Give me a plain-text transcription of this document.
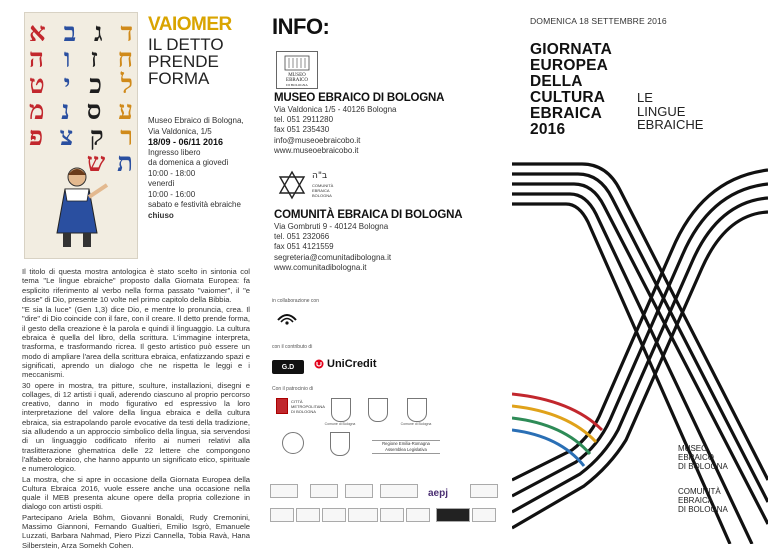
א ב ג ד
ה ו ז ח
ט י כ ל
מ נ ס ע
פ צ ק ר
ש ת
VAIOMER
IL DETTO
PRENDE
FORMA
Museo Ebraico di Bologna,
Via Valdonica, 1/5
18/09 - 06/11 2016
Ingresso libero
da domenica a giovedì
10:00 - 18:00
venerdì
10:00 - 16:00
sabato e festività ebraiche
chiuso

Il titolo di questa mostra antologica è stato scelto in sintonia col tema "Le lingue ebraiche" proposto dalla Giornata Europea: fa esplicito riferimento al verbo nella forma passato "vaiomer", il "e disse" di Dio, presente 10 volte nel primo capitolo della Bibbia.

"E sia la luce" (Gen 1,3) dice Dio, e mentre lo pronuncia, crea. Il "dire" di Dio coincide con il fare, con il creare. Il detto prende forma, il gesto della creazione è la parola e quindi il linguaggio. La cultura ebraica è quella del libro, della scrittura. L'immagine interpreta, trasforma, e trasformando ricrea. Il gesto artistico può essere un modo di ampliare l'area della scrittura ebraica, enfatizzando spazi e significati, aprendo un dialogo che ne rispetta le leggi e i meccanismi.

30 opere in mostra, tra pitture, sculture, installazioni, disegni e collages, di 12 artisti i quali, aderendo ciascuno al proprio percorso creativo, danno in modo figurativo ed espressivo la loro interpretazione del valore della lingua ebraica e della cultura ebraica, sia estrapolando parole evocative da testi della tradizione, sia alludendo a un approccio simbolico della lingua, sia servendosi di un linguaggio codificato riferito ai numeri relativi alla traslitterazione ghematrica delle 22 lettere che compongono l'alfabeto ebraico, che hanno appunto un significato etico, spirituale e numerologico.

La mostra, che si apre in occasione della Giornata Europea della Cultura Ebraica 2016, vuole essere anche una occasione nella quale il MEB presenta alcune opere della propria collezione in dialogo con artisti ospiti.

Partecipano Ariela Böhm, Giovanni Bonaldi, Rudy Cremonini, Massimo Giannoni, Fernando Gualtieri, Emilio Isgrò, Emanuele Luzzati, Barbara Nahmad, Piero Pizzi Cannella, Tobia Ravà, Hana Silberstein, Arza Somekh Cohen.

INFO:
MUSEO
EBRAICO
DI BOLOGNA
MUSEO EBRAICO DI BOLOGNA
Via Valdonica 1/5 - 40126 Bologna
tel. 051 2911280
fax 051 235430
info@museoebraicobo.it
www.museoebraicobo.it
ב"ה
COMUNITÀ
EBRAICA
BOLOGNA
COMUNITÀ EBRAICA DI BOLOGNA
Via Gombruti 9 - 40124 Bologna
tel. 051 232066
fax 051 4121559
segreteria@comunitadibologna.it
www.comunitadibologna.it
in collaborazione con
con il contributo di
G.D	UniCredit
Con il patrocinio di
CITTÀ METROPOLITANA DI BOLOGNA
Comune di Bologna	Comune di Bologna
Regione Emilia-Romagna
Assemblea Legislativa
aepj
DOMENICA 18 SETTEMBRE 2016
GIORNATA
EUROPEA
DELLA
CULTURA
EBRAICA
2016
LE
LINGUE
EBRAICHE
MUSEO
EBRAICO
DI BOLOGNA
COMUNITÀ
EBRAICA
DI BOLOGNA
